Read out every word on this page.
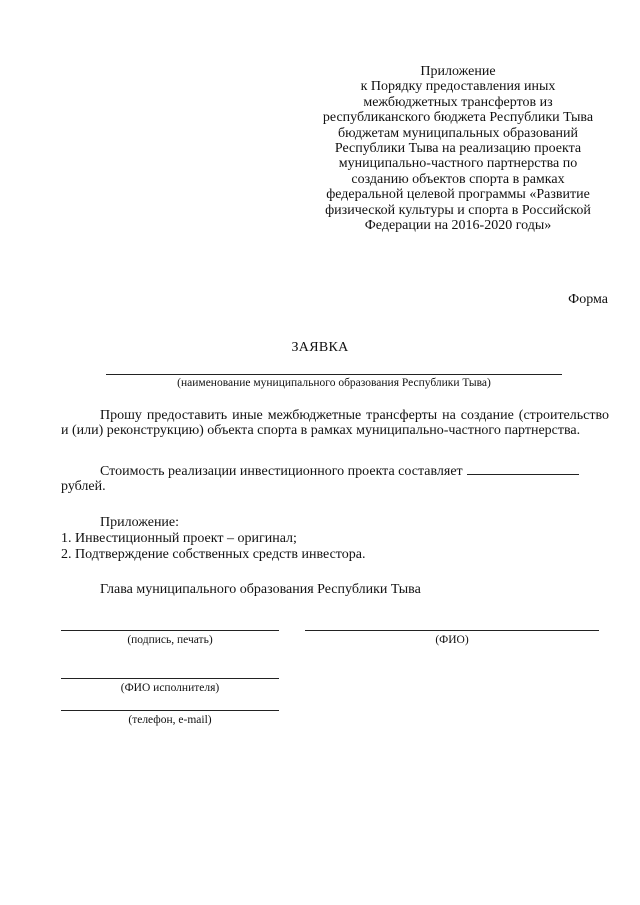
Приложение
к Порядку предоставления иных
межбюджетных трансфертов из
республиканского бюджета Республики Тыва
бюджетам муниципальных образований
Республики Тыва на реализацию проекта
муниципально-частного партнерства по
созданию объектов спорта в рамках
федеральной целевой программы «Развитие
физической культуры и спорта в Российской
Федерации на 2016-2020 годы»
Форма
ЗАЯВКА
(наименование муниципального образования Республики Тыва)
Прошу предоставить иные межбюджетные трансферты на создание (строительство и (или) реконструкцию) объекта спорта в рамках муниципально-частного партнерства.
Стоимость реализации инвестиционного проекта составляет
рублей.
Приложение:
1. Инвестиционный проект – оригинал;
2. Подтверждение собственных средств инвестора.
Глава муниципального образования Республики Тыва
(подпись, печать)	(ФИО)
(ФИО исполнителя)
(телефон, e-mail)
